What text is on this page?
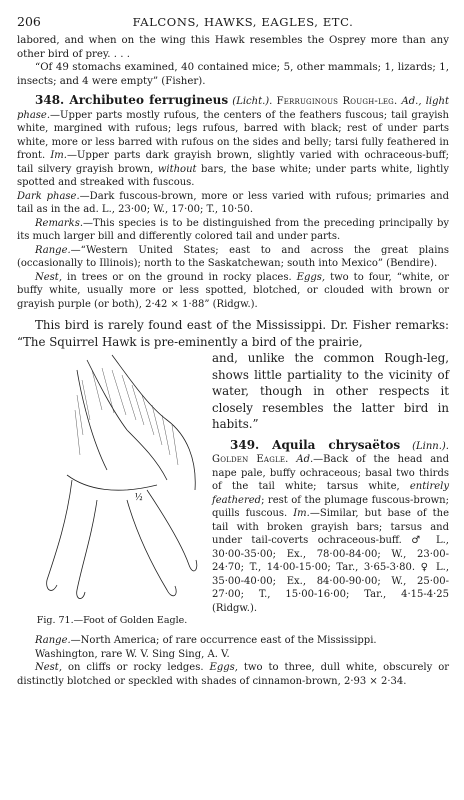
206	FALCONS, HAWKS, EAGLES, ETC.

labored, and when on the wing this Hawk resembles the Osprey more than any other bird of prey. . . .

“Of 49 stomachs examined, 40 contained mice; 5, other mammals; 1, lizards; 1, insects; and 4 were empty” (Fisher).

348. Archibuteo ferrugineus (Licht.). Ferruginous Rough-leg. Ad., light phase.—Upper parts mostly rufous, the centers of the feathers fuscous; tail grayish white, margined with rufous; legs rufous, barred with black; rest of under parts white, more or less barred with rufous on the sides and belly; tarsi fully feathered in front. Im.—Upper parts dark grayish brown, slightly varied with ochraceous-buff; tail silvery grayish brown, without bars, the base white; under parts white, lightly spotted and streaked with fuscous.
Dark phase.—Dark fuscous-brown, more or less varied with rufous; primaries and tail as in the ad. L., 23·00; W., 17·00; T., 10·50.
Remarks.—This species is to be distinguished from the preceding principally by its much larger bill and differently colored tail and under parts.
Range.—“Western United States; east to and across the great plains (occasionally to Illinois); north to the Saskatchewan; south into Mexico” (Bendire).
Nest, in trees or on the ground in rocky places. Eggs, two to four, “white, or buffy white, usually more or less spotted, blotched, or clouded with brown or grayish purple (or both), 2·42 × 1·88” (Ridgw.).

This bird is rarely found east of the Mississippi. Dr. Fisher remarks: “The Squirrel Hawk is pre-eminently a bird of the prairie,

½
Fig. 71.—Foot of Golden Eagle.

and, unlike the common Rough-leg, shows little partiality to the vicinity of water, though in other respects it closely resembles the latter bird in habits.”

349. Aquila chrysaëtos (Linn.). Golden Eagle. Ad.—Back of the head and nape pale, buffy ochraceous; basal two thirds of the tail white; tarsus white, entirely feathered; rest of the plumage fuscous-brown; quills fuscous. Im.—Similar, but base of the tail with broken grayish bars; tarsus and under tail-coverts ochraceous-buff. ♂ L., 30·00-35·00; Ex., 78·00-84·00; W., 23·00-24·70; T., 14·00-15·00; Tar., 3·65-3·80. ♀ L., 35·00-40·00; Ex., 84·00-90·00; W., 25·00-27·00; T., 15·00-16·00; Tar., 4·15-4·25 (Ridgw.).
Range.—North America; of rare occurrence east of the Mississippi.
Washington, rare W. V. Sing Sing, A. V.
Nest, on cliffs or rocky ledges. Eggs, two to three, dull white, obscurely or distinctly blotched or speckled with shades of cinnamon-brown, 2·93 × 2·34.
